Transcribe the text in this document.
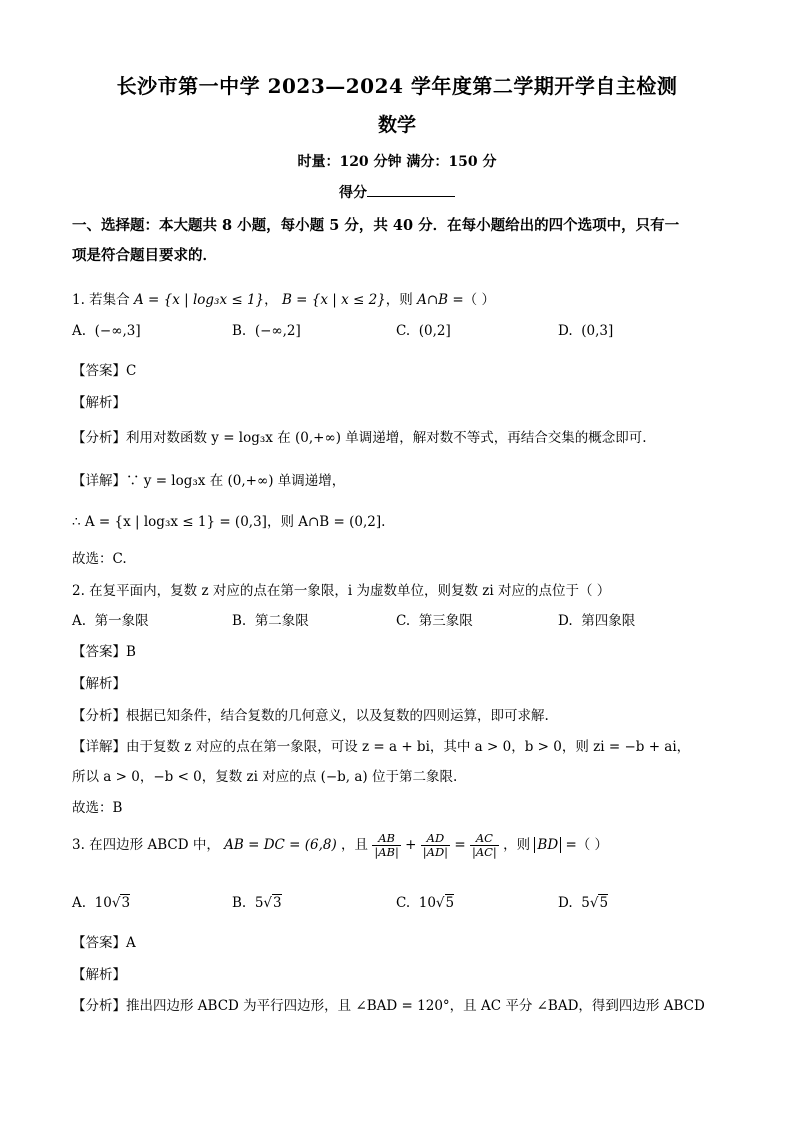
长沙市第一中学 2023—2024 学年度第二学期开学自主检测
数学
时量：120 分钟 满分：150 分
得分
一、选择题：本大题共 8 小题，每小题 5 分，共 40 分．在每小题给出的四个选项中，只有一
项是符合题目要求的．
1. 若集合 A = {x | log₃x ≤ 1}， B = {x | x ≤ 2}，则 A∩B =（ ）
A. (−∞,3]	B. (−∞,2]	C. (0,2]	D. (0,3]
【答案】C
【解析】
【分析】利用对数函数 y = log₃x 在 (0,+∞) 单调递增，解对数不等式，再结合交集的概念即可.
【详解】∵ y = log₃x 在 (0,+∞) 单调递增，
∴ A = {x | log₃x ≤ 1} = (0,3]，则 A∩B = (0,2].
故选：C.
2. 在复平面内，复数 z 对应的点在第一象限，i 为虚数单位，则复数 zi 对应的点位于（ ）
A. 第一象限	B. 第二象限	C. 第三象限	D. 第四象限
【答案】B
【解析】
【分析】根据已知条件，结合复数的几何意义，以及复数的四则运算，即可求解.
【详解】由于复数 z 对应的点在第一象限，可设 z = a + bi，其中 a > 0，b > 0，则 zi = −b + ai，
所以 a > 0，−b < 0，复数 zi 对应的点 (−b, a) 位于第二象限.
故选：B
3. 在四边形 ABCD 中， AB = DC = (6,8) ，且 $\frac{AB}{|AB|} + \frac{AD}{|AD|} = \frac{AC}{|AC|}$ ，则 BD =（ ）
A. 10√3	B. 5√3	C. 10√5	D. 5√5
【答案】A
【解析】
【分析】推出四边形 ABCD 为平行四边形，且 ∠BAD = 120°，且 AC 平分 ∠BAD，得到四边形 ABCD
